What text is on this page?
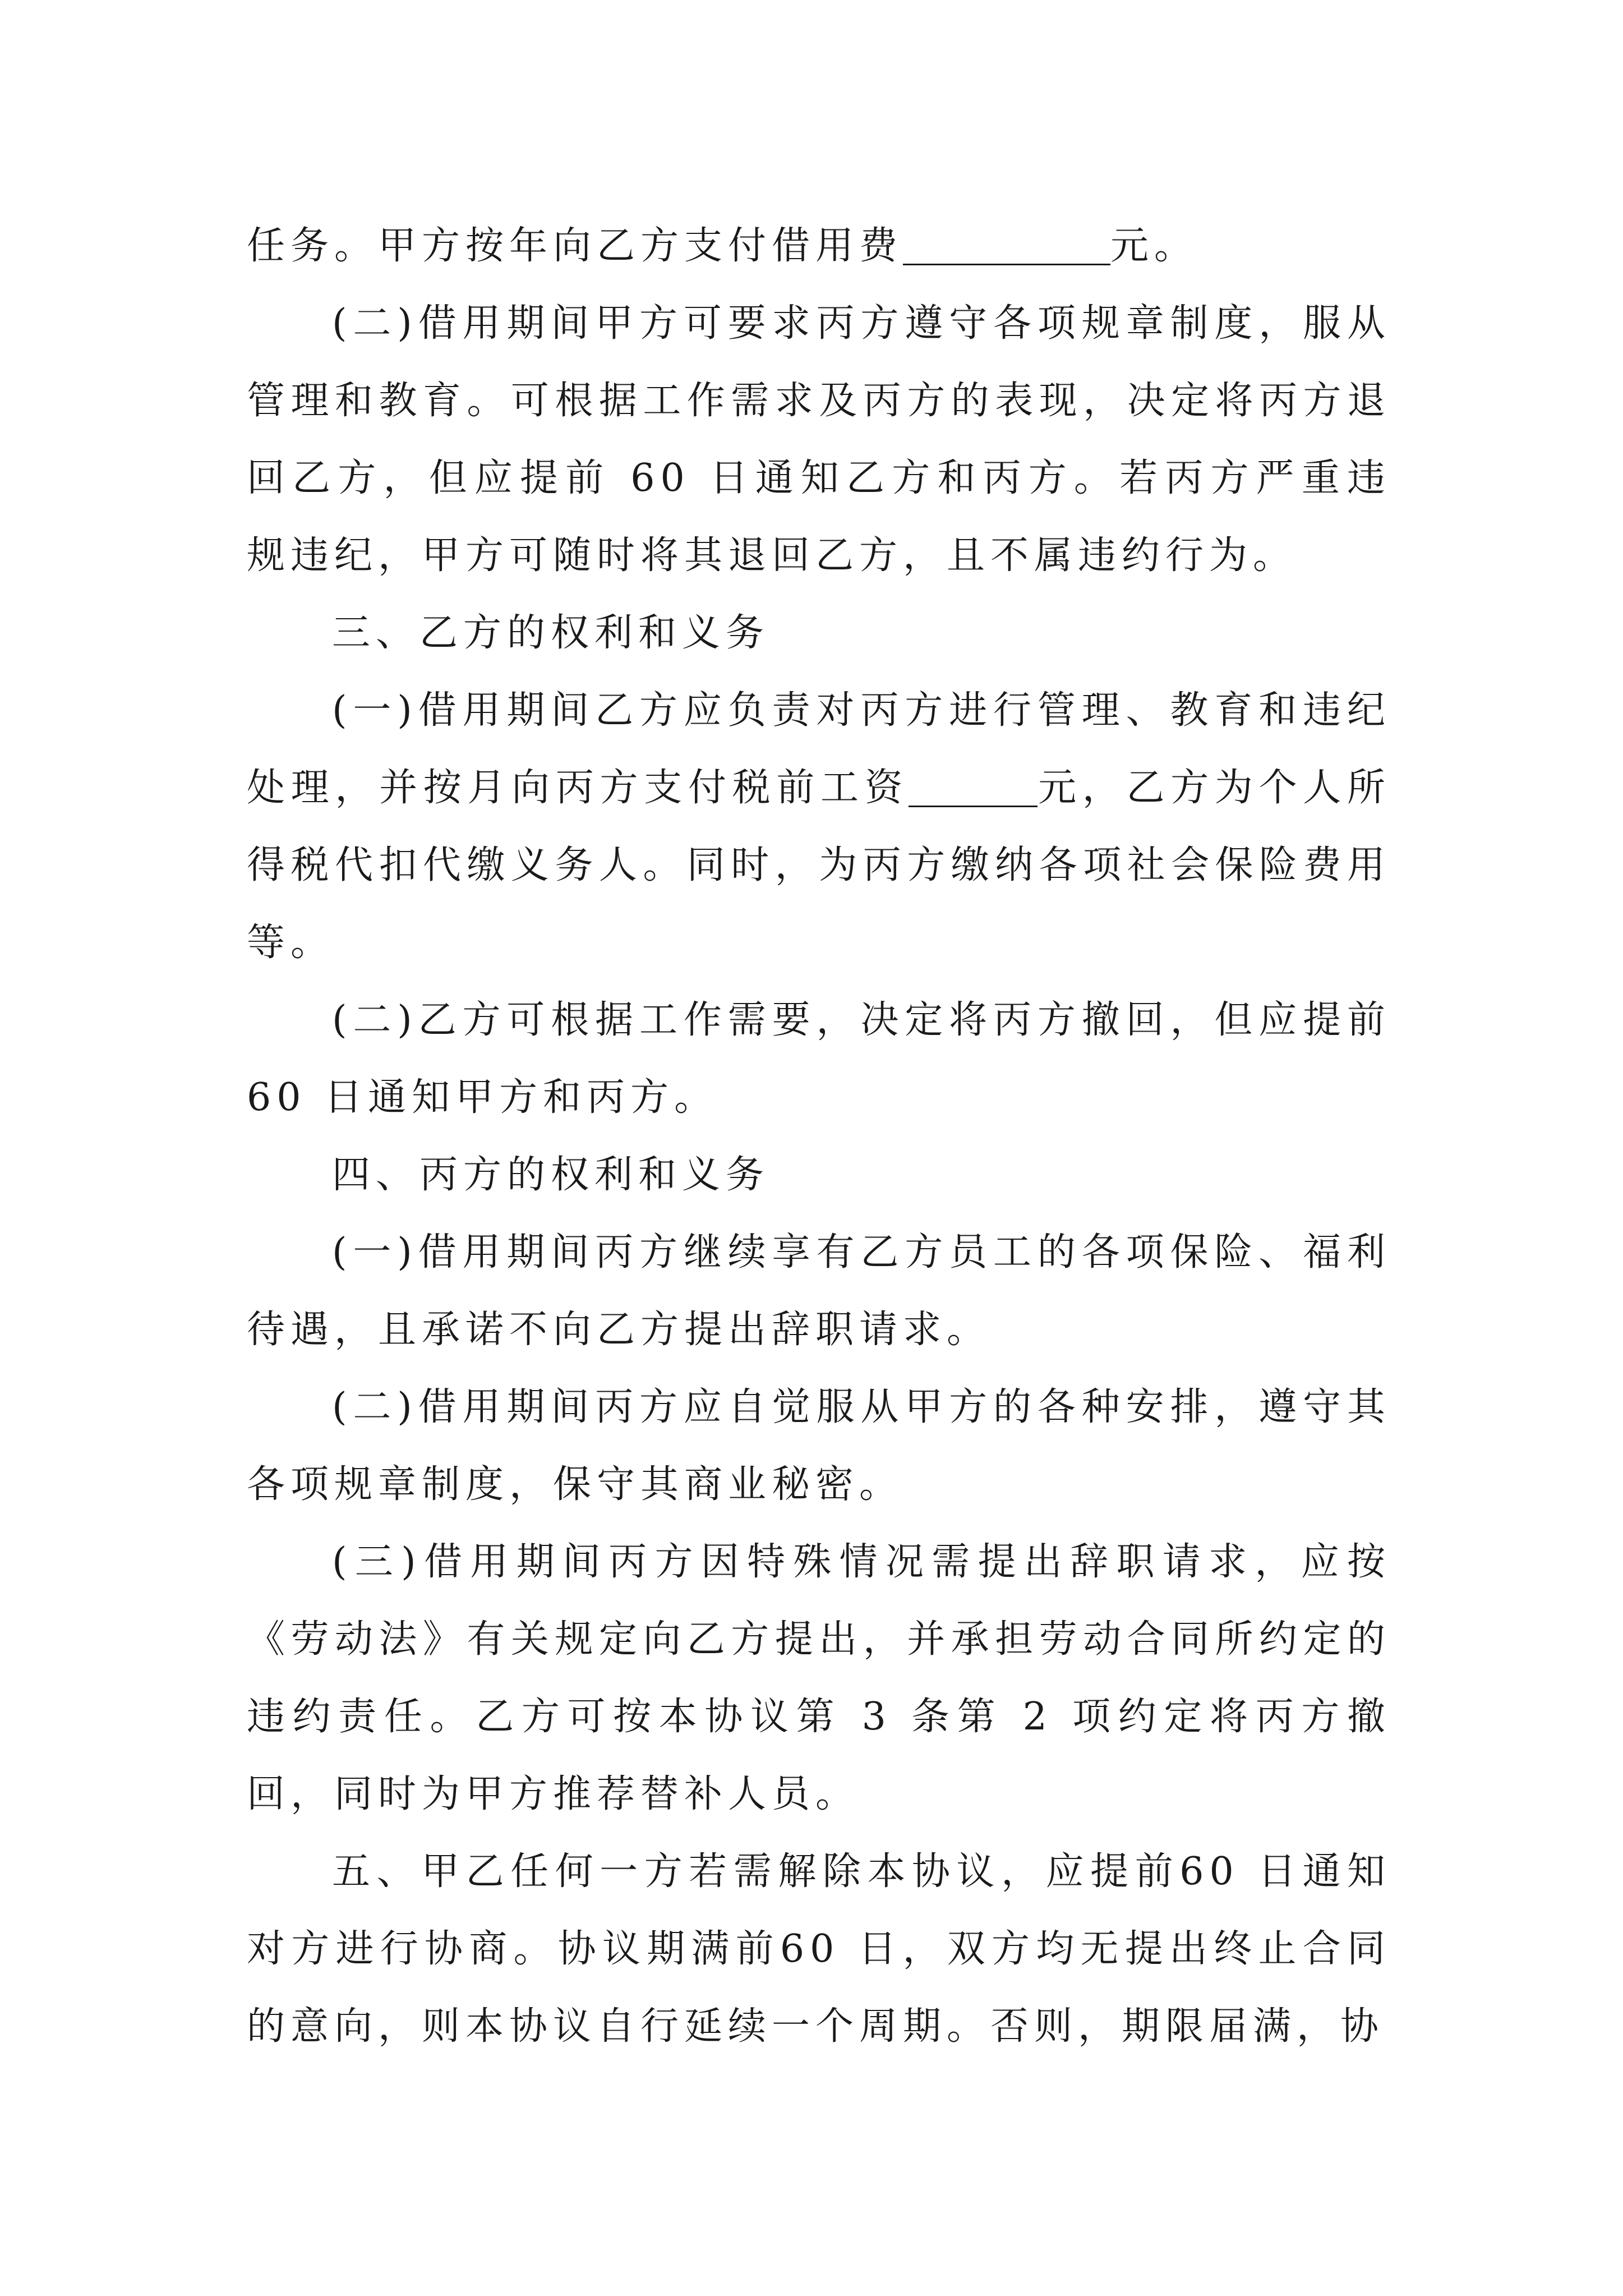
任务。甲方按年向乙方支付借用费	元。

(二)借用期间甲方可要求丙方遵守各项规章制度，服从管理和教育。可根据工作需求及丙方的表现，决定将丙方退回乙方，但应提前 60 日通知乙方和丙方。若丙方严重违规违纪，甲方可随时将其退回乙方，且不属违约行为。

三、乙方的权利和义务

(一)借用期间乙方应负责对丙方进行管理、教育和违纪处理，并按月向丙方支付税前工资	元，乙方为个人所得税代扣代缴义务人。同时，为丙方缴纳各项社会保险费用等。

(二)乙方可根据工作需要，决定将丙方撤回，但应提前 60 日通知甲方和丙方。

四、丙方的权利和义务

(一)借用期间丙方继续享有乙方员工的各项保险、福利待遇，且承诺不向乙方提出辞职请求。

(二)借用期间丙方应自觉服从甲方的各种安排，遵守其各项规章制度，保守其商业秘密。

(三)借用期间丙方因特殊情况需提出辞职请求，应按《劳动法》有关规定向乙方提出，并承担劳动合同所约定的违约责任。乙方可按本协议第 3 条第 2 项约定将丙方撤回，同时为甲方推荐替补人员。

五、甲乙任何一方若需解除本协议，应提前60 日通知对方进行协商。协议期满前60 日，双方均无提出终止合同的意向，则本协议自行延续一个周期。否则，期限届满，协
